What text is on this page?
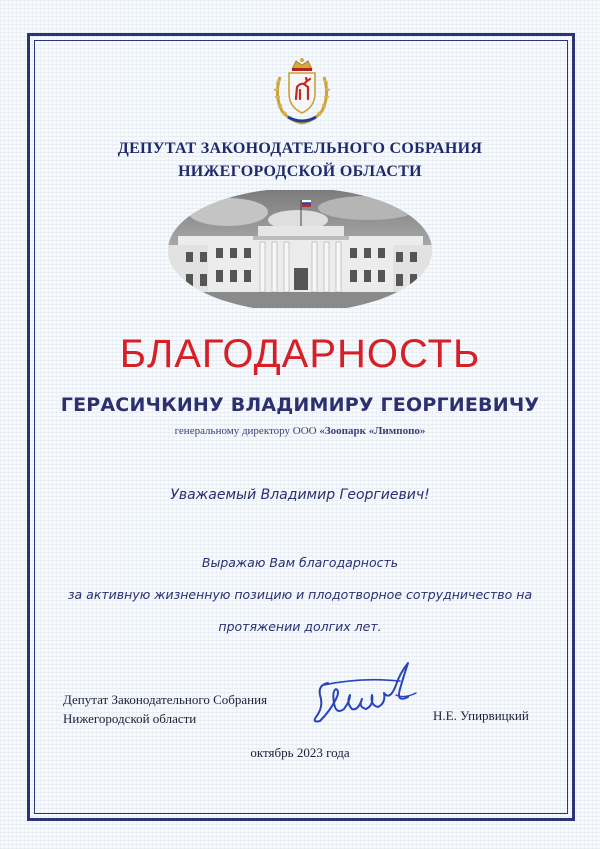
ДЕПУТАТ ЗАКОНОДАТЕЛЬНОГО СОБРАНИЯ
НИЖЕГОРОДСКОЙ ОБЛАСТИ
БЛАГОДАРНОСТЬ
ГЕРАСИЧКИНУ ВЛАДИМИРУ ГЕОРГИЕВИЧУ
генеральному директору ООО «Зоопарк «Лимпопо»
Уважаемый Владимир Георгиевич!
Выражаю Вам благодарность
за активную жизненную позицию и плодотворное сотрудничество на
протяжении долгих лет.
Депутат Законодательного Собрания
Нижегородской области	Н.Е. Упирвицкий
октябрь 2023 года
